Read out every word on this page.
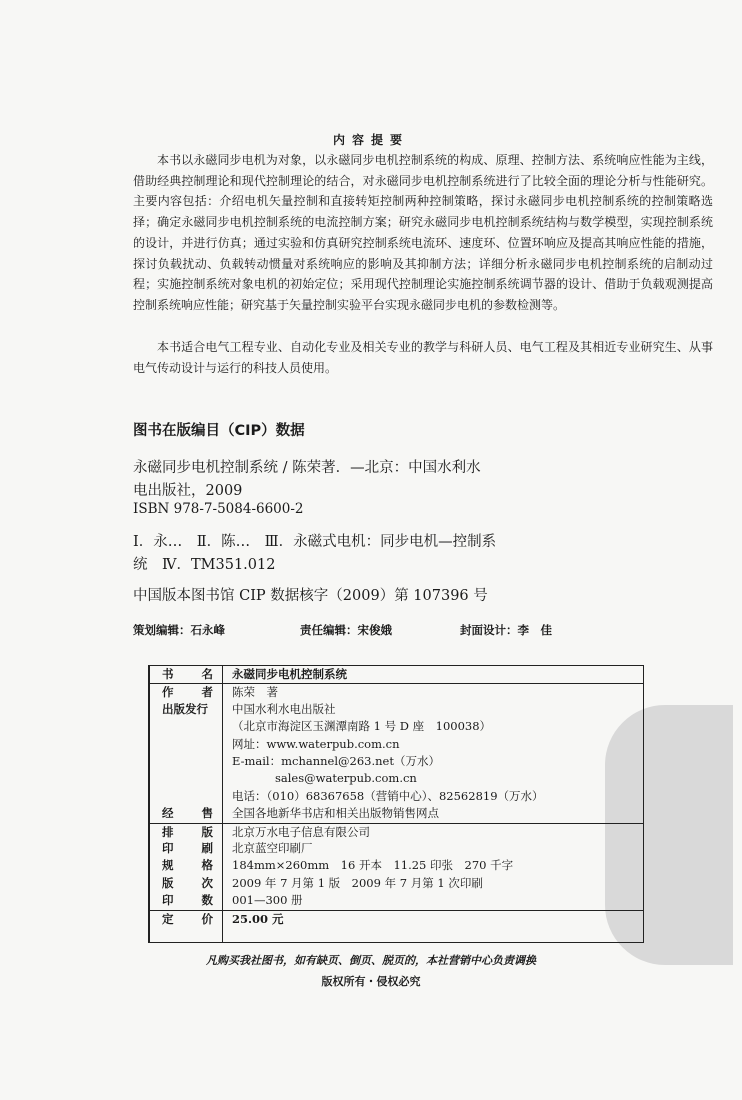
内容提要

本书以永磁同步电机为对象，以永磁同步电机控制系统的构成、原理、控制方法、系统响应性能为主线，借助经典控制理论和现代控制理论的结合，对永磁同步电机控制系统进行了比较全面的理论分析与性能研究。主要内容包括：介绍电机矢量控制和直接转矩控制两种控制策略，探讨永磁同步电机控制系统的控制策略选择；确定永磁同步电机控制系统的电流控制方案；研究永磁同步电机控制系统结构与数学模型，实现控制系统的设计，并进行仿真；通过实验和仿真研究控制系统电流环、速度环、位置环响应及提高其响应性能的措施，探讨负载扰动、负载转动惯量对系统响应的影响及其抑制方法；详细分析永磁同步电机控制系统的启制动过程；实施控制系统对象电机的初始定位；采用现代控制理论实施控制系统调节器的设计、借助于负载观测提高控制系统响应性能；研究基于矢量控制实验平台实现永磁同步电机的参数检测等。

本书适合电气工程专业、自动化专业及相关专业的教学与科研人员、电气工程及其相近专业研究生、从事电气传动设计与运行的科技人员使用。

图书在版编目（CIP）数据
永磁同步电机控制系统 / 陈荣著．—北京：中国水利水
电出版社，2009
ISBN 978-7-5084-6600-2
Ⅰ．永…　Ⅱ．陈…　Ⅲ．永磁式电机：同步电机—控制系
统　Ⅳ．TM351.012
中国版本图书馆 CIP 数据核字（2009）第 107396 号
策划编辑：石永峰	责任编辑：宋俊娥	封面设计：李　佳
书 名 永磁同步电机控制系统
作 者 陈荣　著
出版发行 中国水利水电出版社
（北京市海淀区玉渊潭南路 1 号 D 座　100038）
网址：www.waterpub.com.cn
E-mail：mchannel@263.net（万水）
sales@waterpub.com.cn
电话：（010）68367658（营销中心）、82562819（万水）
经 售 全国各地新华书店和相关出版物销售网点
排 版 北京万水电子信息有限公司
印 刷 北京蓝空印刷厂
规 格 184mm×260mm　16 开本　11.25 印张　270 千字
版 次 2009 年 7 月第 1 版　2009 年 7 月第 1 次印刷
印 数 001—300 册
定 价 25.00 元
凡购买我社图书，如有缺页、倒页、脱页的，本社营销中心负责调换
版权所有・侵权必究
